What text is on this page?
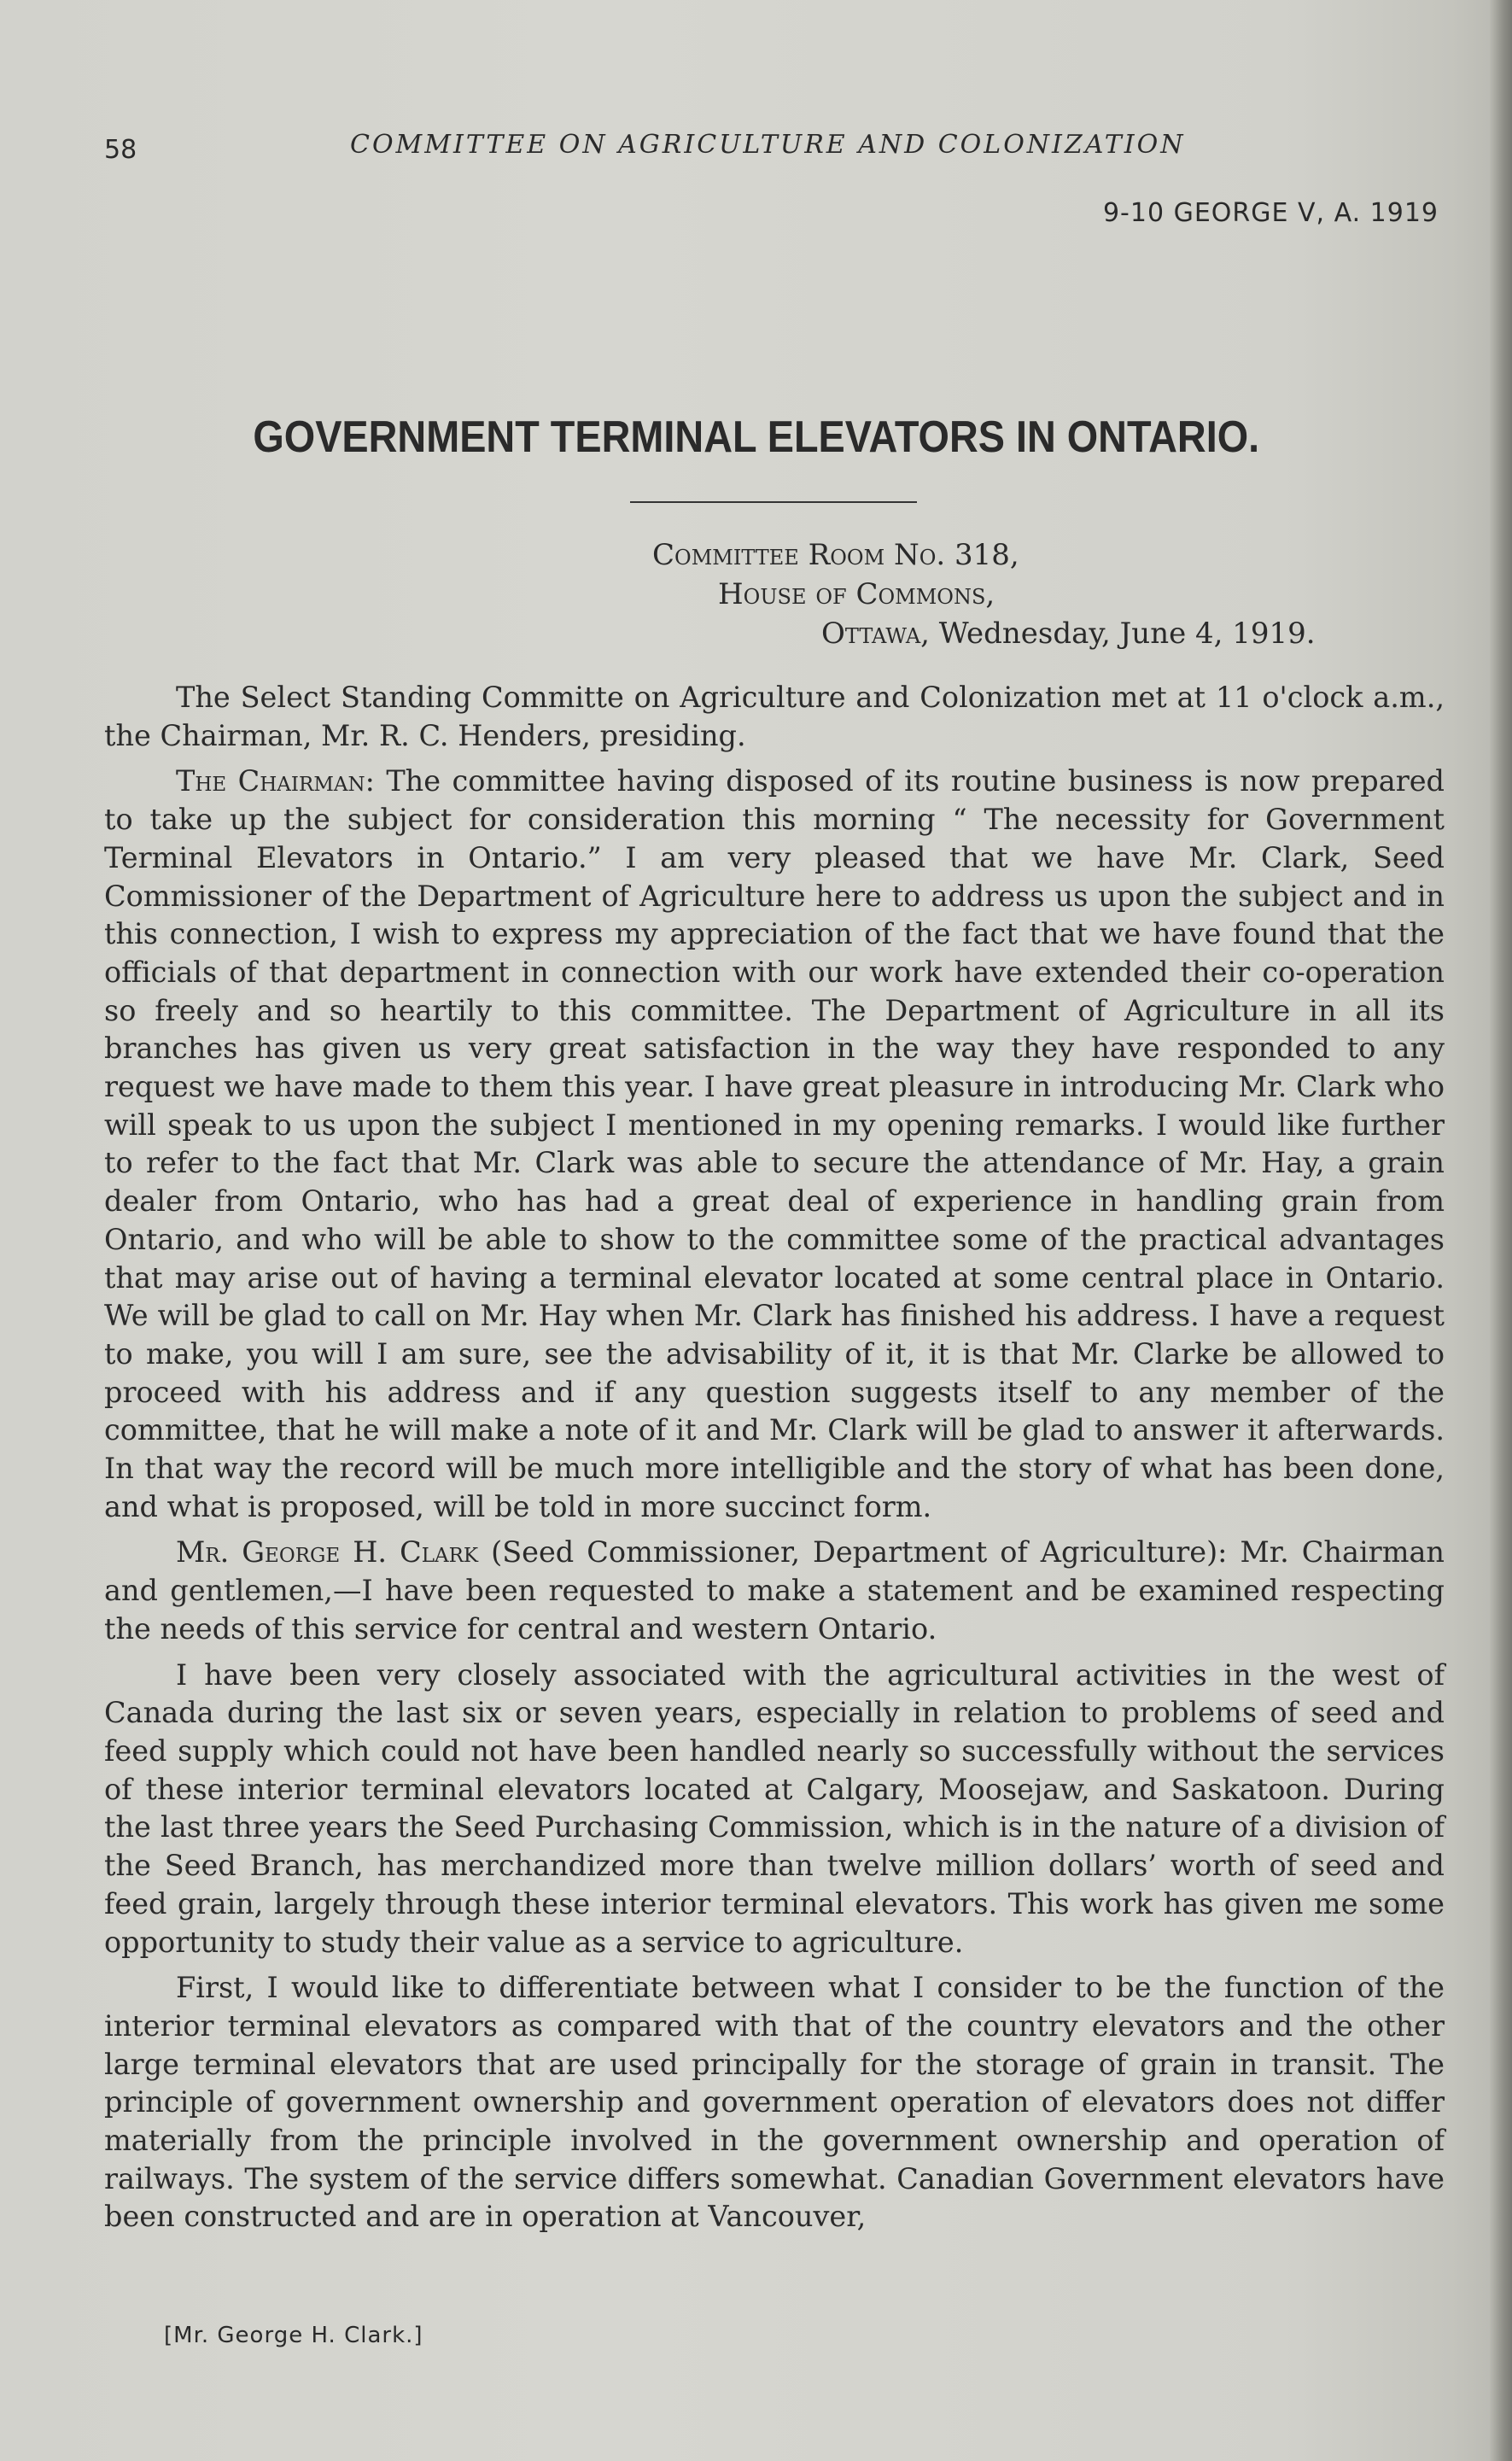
58	COMMITTEE ON AGRICULTURE AND COLONIZATION
9-10 GEORGE V, A. 1919
GOVERNMENT TERMINAL ELEVATORS IN ONTARIO.
Committee Room No. 318,
House of Commons,
Ottawa, Wednesday, June 4, 1919.

The Select Standing Committe on Agriculture and Colonization met at 11 o'clock a.m., the Chairman, Mr. R. C. Henders, presiding.

The Chairman: The committee having disposed of its routine business is now prepared to take up the subject for consideration this morning “ The necessity for Government Terminal Elevators in Ontario.” I am very pleased that we have Mr. Clark, Seed Commissioner of the Department of Agriculture here to address us upon the subject and in this connection, I wish to express my appreciation of the fact that we have found that the officials of that department in connection with our work have extended their co-operation so freely and so heartily to this committee. The Department of Agriculture in all its branches has given us very great satisfaction in the way they have responded to any request we have made to them this year. I have great pleasure in introducing Mr. Clark who will speak to us upon the subject I mentioned in my opening remarks. I would like further to refer to the fact that Mr. Clark was able to secure the attendance of Mr. Hay, a grain dealer from Ontario, who has had a great deal of experience in handling grain from Ontario, and who will be able to show to the committee some of the practical advantages that may arise out of having a terminal elevator located at some central place in Ontario. We will be glad to call on Mr. Hay when Mr. Clark has finished his address. I have a request to make, you will I am sure, see the advisability of it, it is that Mr. Clarke be allowed to proceed with his address and if any question suggests itself to any member of the committee, that he will make a note of it and Mr. Clark will be glad to answer it afterwards. In that way the record will be much more intelligible and the story of what has been done, and what is proposed, will be told in more succinct form.

Mr. George H. Clark (Seed Commissioner, Department of Agriculture): Mr. Chairman and gentlemen,—I have been requested to make a statement and be examined respecting the needs of this service for central and western Ontario.

I have been very closely associated with the agricultural activities in the west of Canada during the last six or seven years, especially in relation to problems of seed and feed supply which could not have been handled nearly so successfully without the services of these interior terminal elevators located at Calgary, Moosejaw, and Saskatoon. During the last three years the Seed Purchasing Commission, which is in the nature of a division of the Seed Branch, has merchandized more than twelve million dollars’ worth of seed and feed grain, largely through these interior terminal elevators. This work has given me some opportunity to study their value as a service to agriculture.

First, I would like to differentiate between what I consider to be the function of the interior terminal elevators as compared with that of the country elevators and the other large terminal elevators that are used principally for the storage of grain in transit. The principle of government ownership and government operation of elevators does not differ materially from the principle involved in the government ownership and operation of railways. The system of the service differs somewhat. Canadian Government elevators have been constructed and are in operation at Vancouver,

[Mr. George H. Clark.]
